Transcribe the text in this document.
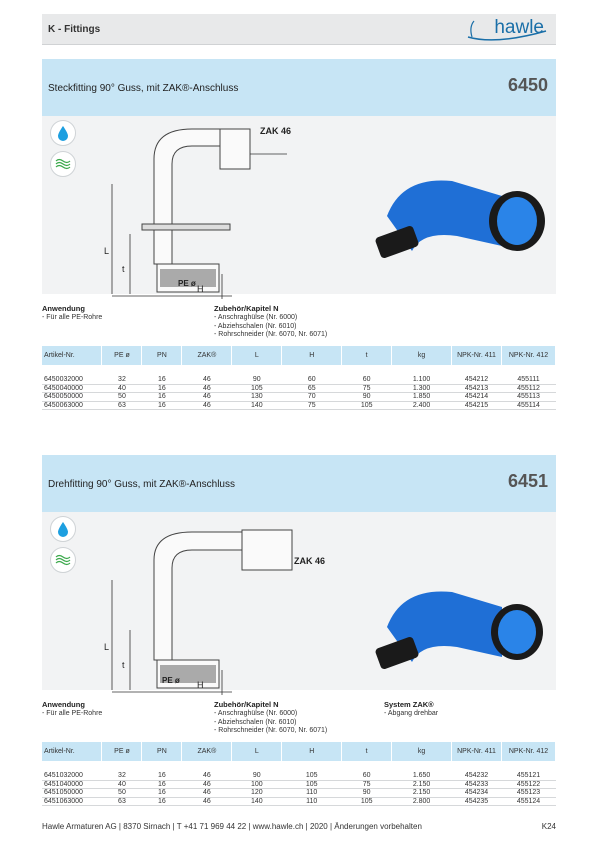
K - Fittings	hawle
Steckfitting 90° Guss, mit ZAK®-Anschluss	6450
L
t
H
ZAK 46
PE ø
Anwendung
- Für alle PE-Rohre
Zubehör/Kapitel N
- Anschraghülse (Nr. 6000)
- Abziehschalen (Nr. 6010)
- Rohrschneider (Nr. 6070, Nr. 6071)
Artikel-Nr.	PE ø	PN	ZAK®	L	H	t	kg	NPK-Nr. 411	NPK-Nr. 412

6450032000	32	16	46	90	60	60	1.100	454212	455111
6450040000	40	16	46	105	65	75	1.300	454213	455112
6450050000	50	16	46	130	70	90	1.850	454214	455113
6450063000	63	16	46	140	75	105	2.400	454215	455114
Drehfitting 90° Guss, mit ZAK®-Anschluss	6451
L
t
H
ZAK 46
PE ø
Anwendung
- Für alle PE-Rohre
Zubehör/Kapitel N
- Anschraghülse (Nr. 6000)
- Abziehschalen (Nr. 6010)
- Rohrschneider (Nr. 6070, Nr. 6071)
System ZAK®
- Abgang drehbar
Artikel-Nr.	PE ø	PN	ZAK®	L	H	t	kg	NPK-Nr. 411	NPK-Nr. 412

6451032000	32	16	46	90	105	60	1.650	454232	455121
6451040000	40	16	46	100	105	75	2.150	454233	455122
6451050000	50	16	46	120	110	90	2.150	454234	455123
6451063000	63	16	46	140	110	105	2.800	454235	455124
Hawle Armaturen AG | 8370 Sirnach | T +41 71 969 44 22 | www.hawle.ch | 2020 | Änderungen vorbehalten	K24
